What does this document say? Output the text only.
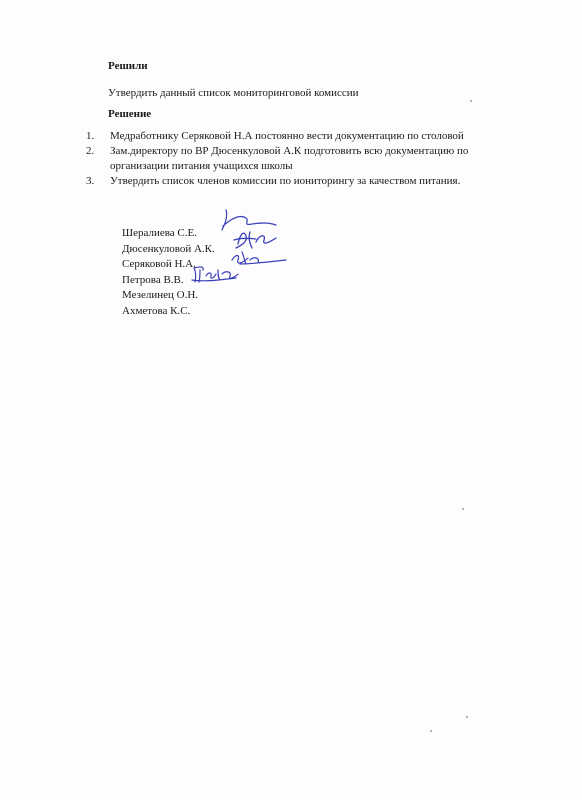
Решили

Утвердить данный список мониторинговой комиссии

Решение

1. Медработнику Серяковой Н.А постоянно вести документацию по столовой
2. Зам.директору по ВР Дюсенкуловой А.К подготовить всю документацию по
организации питания учащихся школы
3. Утвердить список членов комиссии по иониторингу за качеством питания.
Шералиева С.Е.
Дюсенкуловой А.К.
Серяковой Н.А.
Петрова В.В.
Мезелинец О.Н.
Ахметова К.С.
